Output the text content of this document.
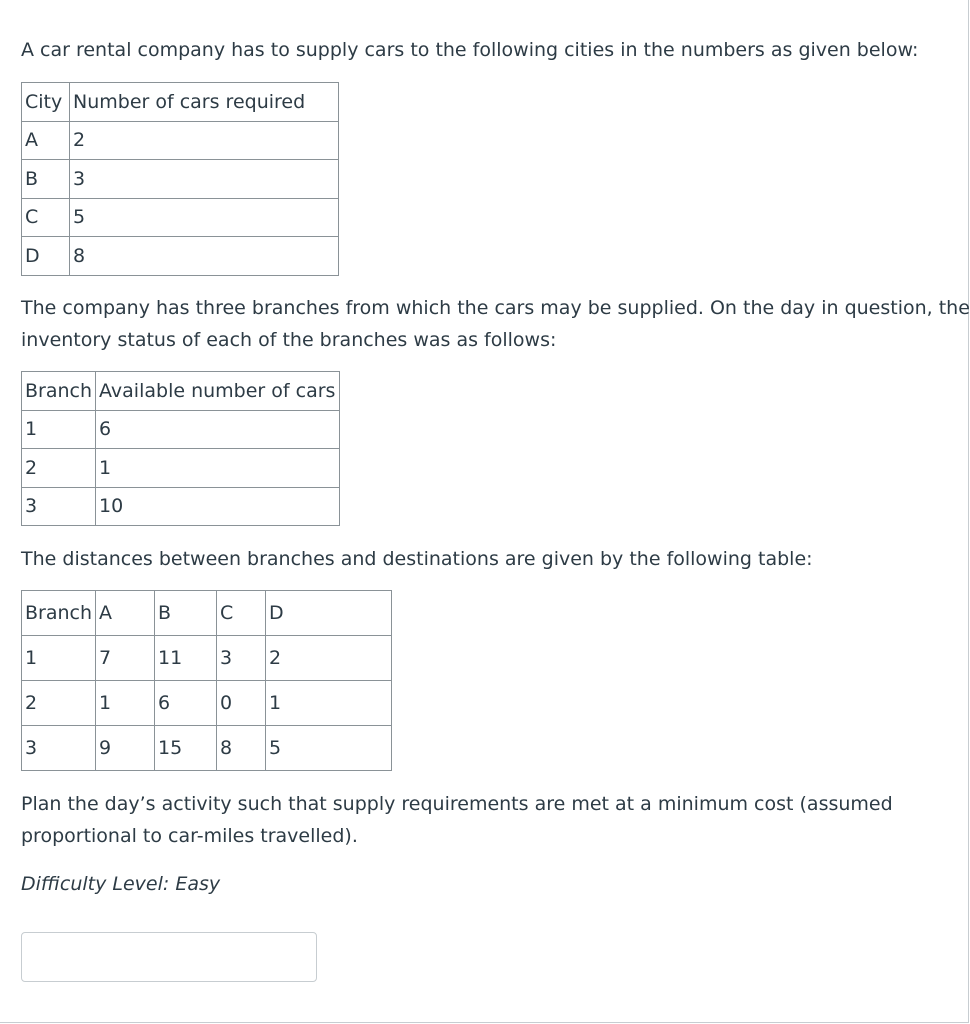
A car rental company has to supply cars to the following cities in the numbers as given below:
City	Number of cars required
A	2
B	3
C	5
D	8
The company has three branches from which the cars may be supplied. On the day in question, the
inventory status of each of the branches was as follows:
Branch	Available number of cars
1	6
2	1
3	10
The distances between branches and destinations are given by the following table:
Branch	A	B	C	D
1	7	11	3	2
2	1	6	0	1
3	9	15	8	5
Plan the day’s activity such that supply requirements are met at a minimum cost (assumed
proportional to car-miles travelled).
Difficulty Level: Easy
